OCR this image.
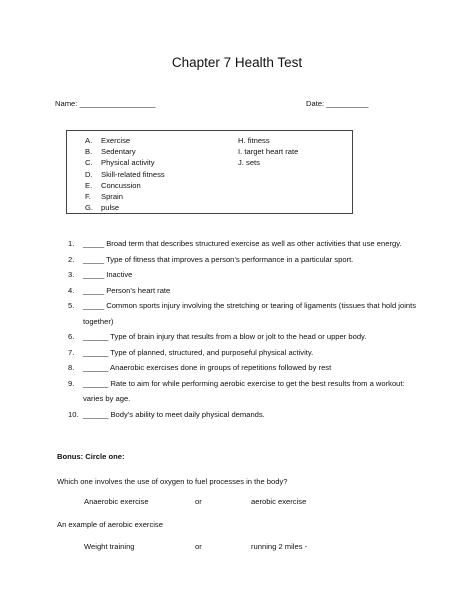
Chapter 7 Health Test
Name: __________________	Date: __________
A.	Exercise
B.	Sedentary
C.	Physical activity
D.	Skill-related fitness
E.	Concussion
F.	Sprain
G.	pulse
H. fitness
I. target heart rate
J. sets
1.	_____ Broad term that describes structured exercise as well as other activities that use energy.
2.	_____ Type of fitness that improves a person’s performance in a particular sport.
3.	_____ Inactive
4.	_____ Person’s heart rate
5.	_____ Common sports injury involving the stretching or tearing of ligaments (tissues that hold joints together)
6.	______ Type of brain injury that results from a blow or jolt to the head or upper body.
7.	______ Type of planned, structured, and purposeful physical activity.
8.	______ Anaerobic exercises done in groups of repetitions followed by rest
9.	______ Rate to aim for while performing aerobic exercise to get the best results from a workout: varies by age.
10. ______ Body’s ability to meet daily physical demands.
Bonus: Circle one:
Which one involves the use of oxygen to fuel processes in the body?
Anaerobic exercise	or	aerobic exercise
An example of aerobic exercise
Weight training	or	running 2 miles -
